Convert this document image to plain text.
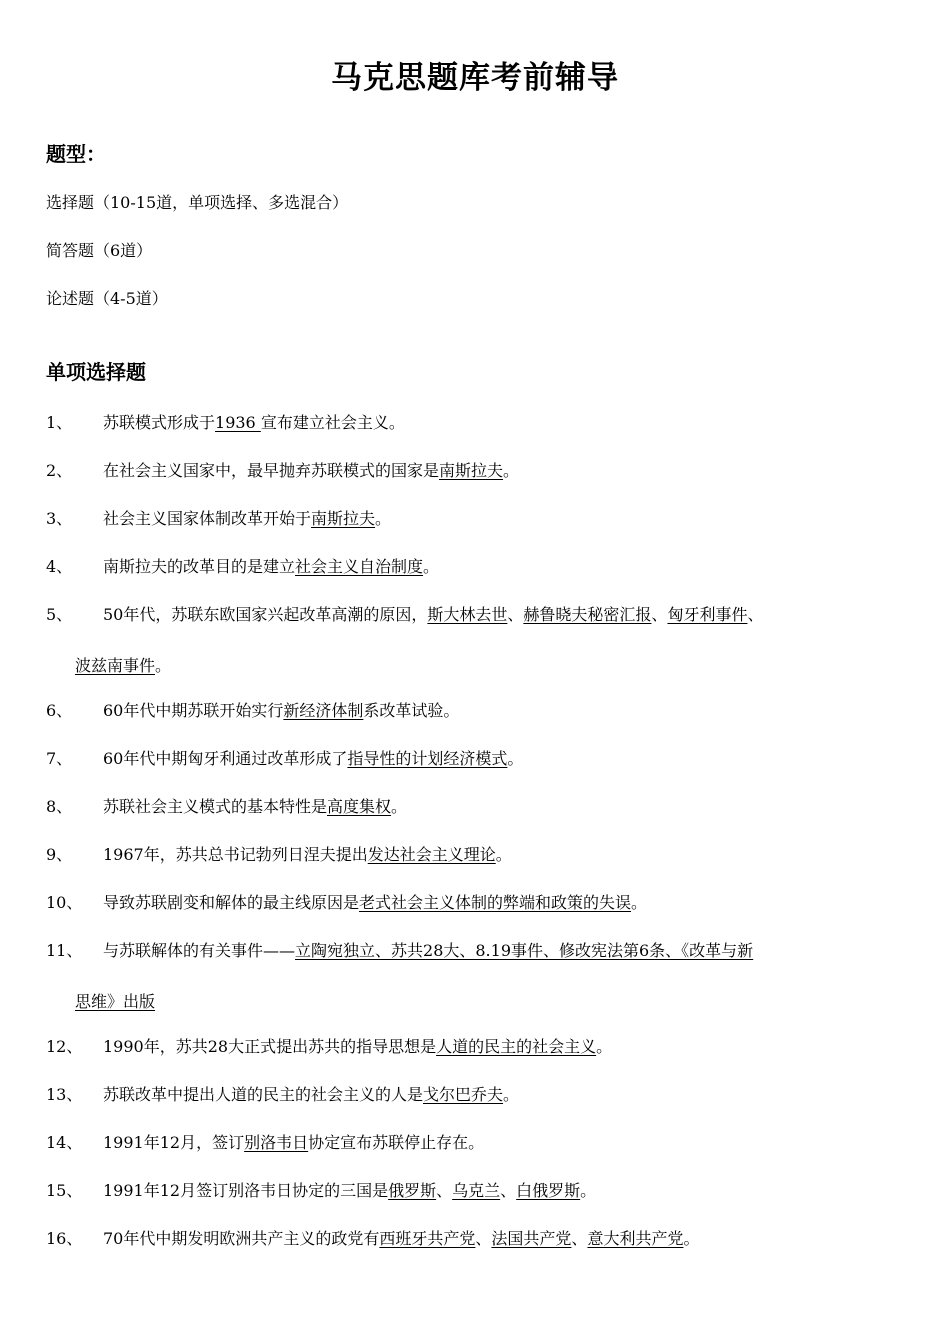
马克思题库考前辅导
题型：
选择题（10-15道，单项选择、多选混合）
简答题（6道）
论述题（4-5道）
单项选择题
1、 苏联模式形成于1936 宣布建立社会主义。
2、 在社会主义国家中，最早抛弃苏联模式的国家是南斯拉夫。
3、 社会主义国家体制改革开始于南斯拉夫。
4、 南斯拉夫的改革目的是建立社会主义自治制度。
5、 50年代，苏联东欧国家兴起改革高潮的原因，斯大林去世、赫鲁晓夫秘密汇报、匈牙利事件、
波兹南事件。
6、 60年代中期苏联开始实行新经济体制系改革试验。
7、 60年代中期匈牙利通过改革形成了指导性的计划经济模式。
8、 苏联社会主义模式的基本特性是高度集权。
9、 1967年，苏共总书记勃列日涅夫提出发达社会主义理论。
10、 导致苏联剧变和解体的最主线原因是老式社会主义体制的弊端和政策的失误。
11、 与苏联解体的有关事件——立陶宛独立、苏共28大、8.19事件、修改宪法第6条、《改革与新
思维》出版
12、 1990年，苏共28大正式提出苏共的指导思想是人道的民主的社会主义。
13、 苏联改革中提出人道的民主的社会主义的人是戈尔巴乔夫。
14、 1991年12月，签订别洛韦日协定宣布苏联停止存在。
15、 1991年12月签订别洛韦日协定的三国是俄罗斯、乌克兰、白俄罗斯。
16、 70年代中期发明欧洲共产主义的政党有西班牙共产党、法国共产党、意大利共产党。
